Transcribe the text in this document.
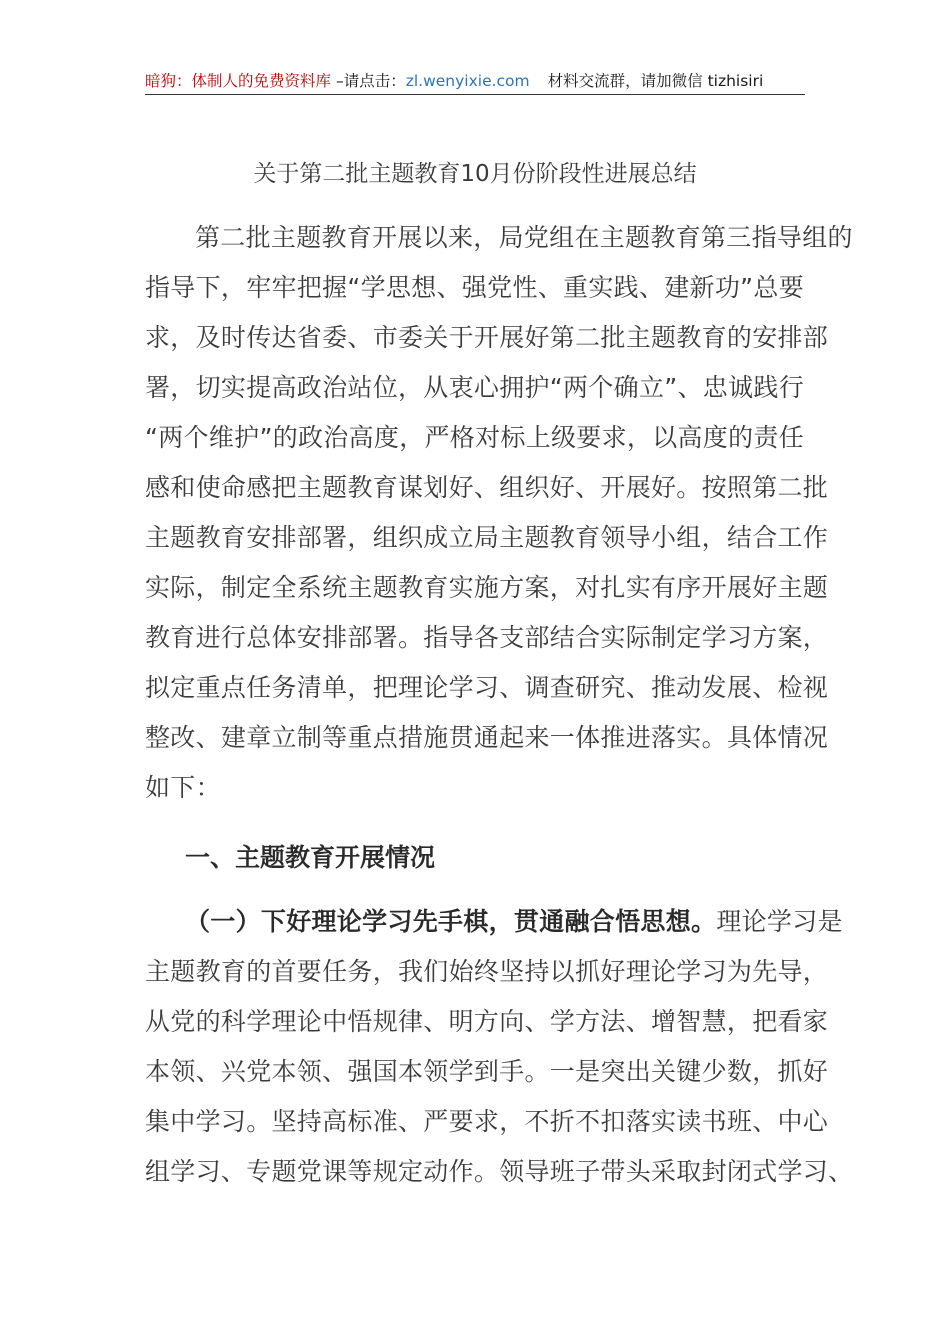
暗狗：体制人的免费资料库 –请点击：zl.wenyixie.com 材料交流群，请加微信 tizhisiri
关于第二批主题教育10月份阶段性进展总结
第二批主题教育开展以来，局党组在主题教育第三指导组的
指导下，牢牢把握“学思想、强党性、重实践、建新功”总要
求，及时传达省委、市委关于开展好第二批主题教育的安排部
署，切实提高政治站位，从衷心拥护“两个确立”、忠诚践行
“两个维护”的政治高度，严格对标上级要求，以高度的责任
感和使命感把主题教育谋划好、组织好、开展好。按照第二批
主题教育安排部署，组织成立局主题教育领导小组，结合工作
实际，制定全系统主题教育实施方案，对扎实有序开展好主题
教育进行总体安排部署。指导各支部结合实际制定学习方案，
拟定重点任务清单，把理论学习、调查研究、推动发展、检视
整改、建章立制等重点措施贯通起来一体推进落实。具体情况
如下：
一、主题教育开展情况
（一）下好理论学习先手棋，贯通融合悟思想。理论学习是
主题教育的首要任务，我们始终坚持以抓好理论学习为先导，
从党的科学理论中悟规律、明方向、学方法、增智慧，把看家
本领、兴党本领、强国本领学到手。一是突出关键少数，抓好
集中学习。坚持高标准、严要求，不折不扣落实读书班、中心
组学习、专题党课等规定动作。领导班子带头采取封闭式学习、
